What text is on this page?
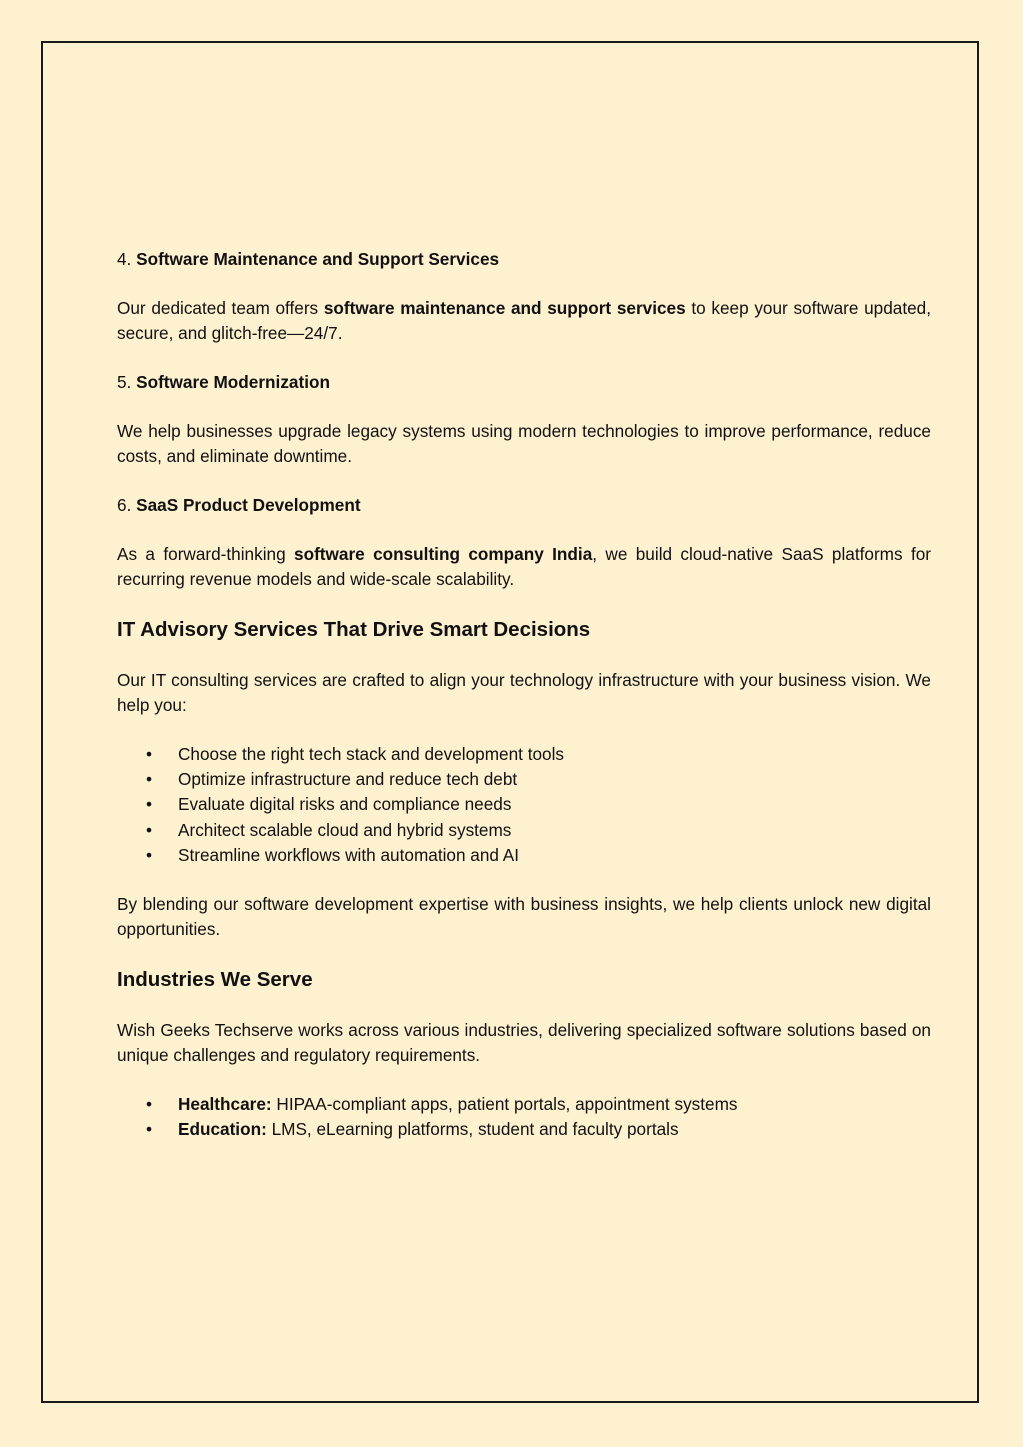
4. Software Maintenance and Support Services

Our dedicated team offers software maintenance and support services to keep your software updated, secure, and glitch-free—24/7.

5. Software Modernization

We help businesses upgrade legacy systems using modern technologies to improve performance, reduce costs, and eliminate downtime.

6. SaaS Product Development

As a forward-thinking software consulting company India, we build cloud-native SaaS platforms for recurring revenue models and wide-scale scalability.

IT Advisory Services That Drive Smart Decisions

Our IT consulting services are crafted to align your technology infrastructure with your business vision. We help you:

• Choose the right tech stack and development tools
• Optimize infrastructure and reduce tech debt
• Evaluate digital risks and compliance needs
• Architect scalable cloud and hybrid systems
• Streamline workflows with automation and AI

By blending our software development expertise with business insights, we help clients unlock new digital opportunities.

Industries We Serve

Wish Geeks Techserve works across various industries, delivering specialized software solutions based on unique challenges and regulatory requirements.

• Healthcare: HIPAA-compliant apps, patient portals, appointment systems
• Education: LMS, eLearning platforms, student and faculty portals
